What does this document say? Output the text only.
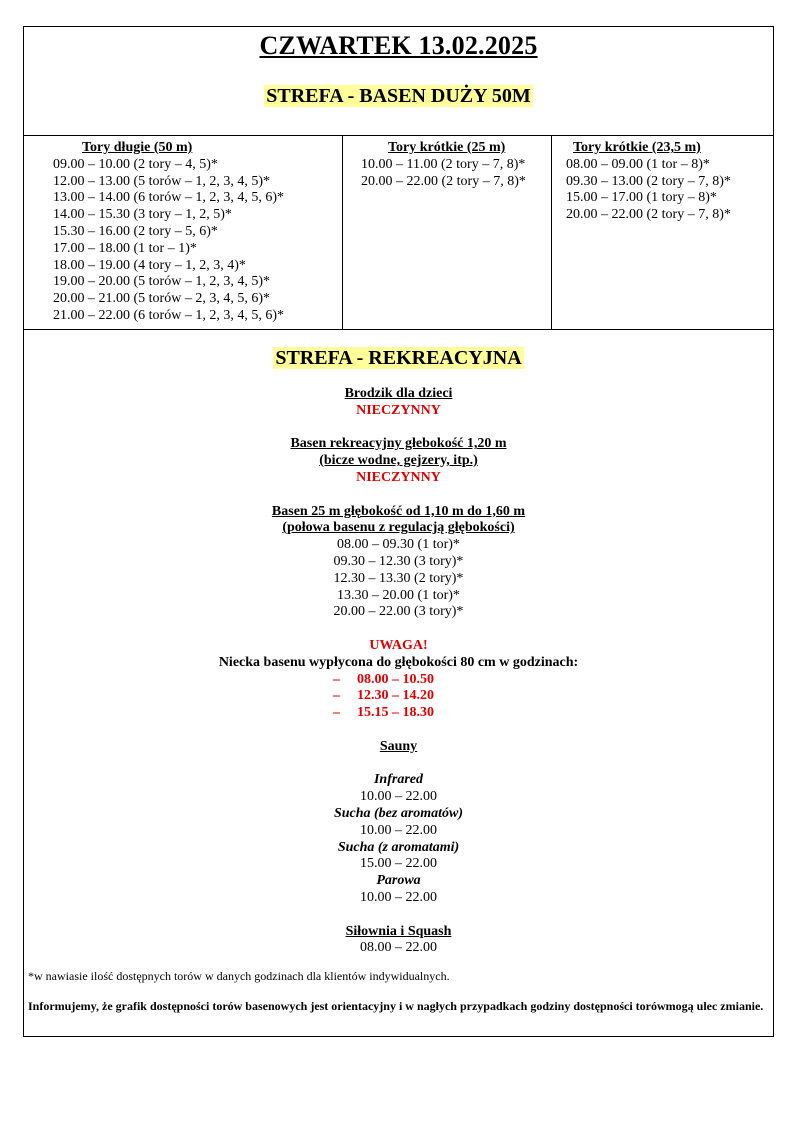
CZWARTEK 13.02.2025
STREFA - BASEN DUŻY 50M
Tory długie (50 m)
09.00 – 10.00 (2 tory – 4, 5)*
12.00 – 13.00 (5 torów – 1, 2, 3, 4, 5)*
13.00 – 14.00 (6 torów – 1, 2, 3, 4, 5, 6)*
14.00 – 15.30 (3 tory – 1, 2, 5)*
15.30 – 16.00 (2 tory – 5, 6)*
17.00 – 18.00 (1 tor – 1)*
18.00 – 19.00 (4 tory – 1, 2, 3, 4)*
19.00 – 20.00 (5 torów – 1, 2, 3, 4, 5)*
20.00 – 21.00 (5 torów – 2, 3, 4, 5, 6)*
21.00 – 22.00 (6 torów – 1, 2, 3, 4, 5, 6)*
Tory krótkie (25 m)
10.00 – 11.00 (2 tory – 7, 8)*
20.00 – 22.00 (2 tory – 7, 8)*
Tory krótkie (23,5 m)
08.00 – 09.00 (1 tor – 8)*
09.30 – 13.00 (2 tory – 7, 8)*
15.00 – 17.00 (1 tory – 8)*
20.00 – 22.00 (2 tory – 7, 8)*
STREFA - REKREACYJNA
Brodzik dla dzieci
NIECZYNNY
Basen rekreacyjny głebokość 1,20 m
(bicze wodne, gejzery, itp.)
NIECZYNNY
Basen 25 m głębokość od 1,10 m do 1,60 m
(połowa basenu z regulacją głębokości)
08.00 – 09.30 (1 tor)*
09.30 – 12.30 (3 tory)*
12.30 – 13.30 (2 tory)*
13.30 – 20.00 (1 tor)*
20.00 – 22.00 (3 tory)*
UWAGA!
Niecka basenu wypłycona do głębokości 80 cm w godzinach:
– 08.00 – 10.50
– 12.30 – 14.20
– 15.15 – 18.30
Sauny
Infrared
10.00 – 22.00
Sucha (bez aromatów)
10.00 – 22.00
Sucha (z aromatami)
15.00 – 22.00
Parowa
10.00 – 22.00
Siłownia i Squash
08.00 – 22.00

*w nawiasie ilość dostępnych torów w danych godzinach dla klientów indywidualnych.

Informujemy, że grafik dostępności torów basenowych jest orientacyjny i w nagłych przypadkach godziny dostępności torówmogą ulec zmianie.
